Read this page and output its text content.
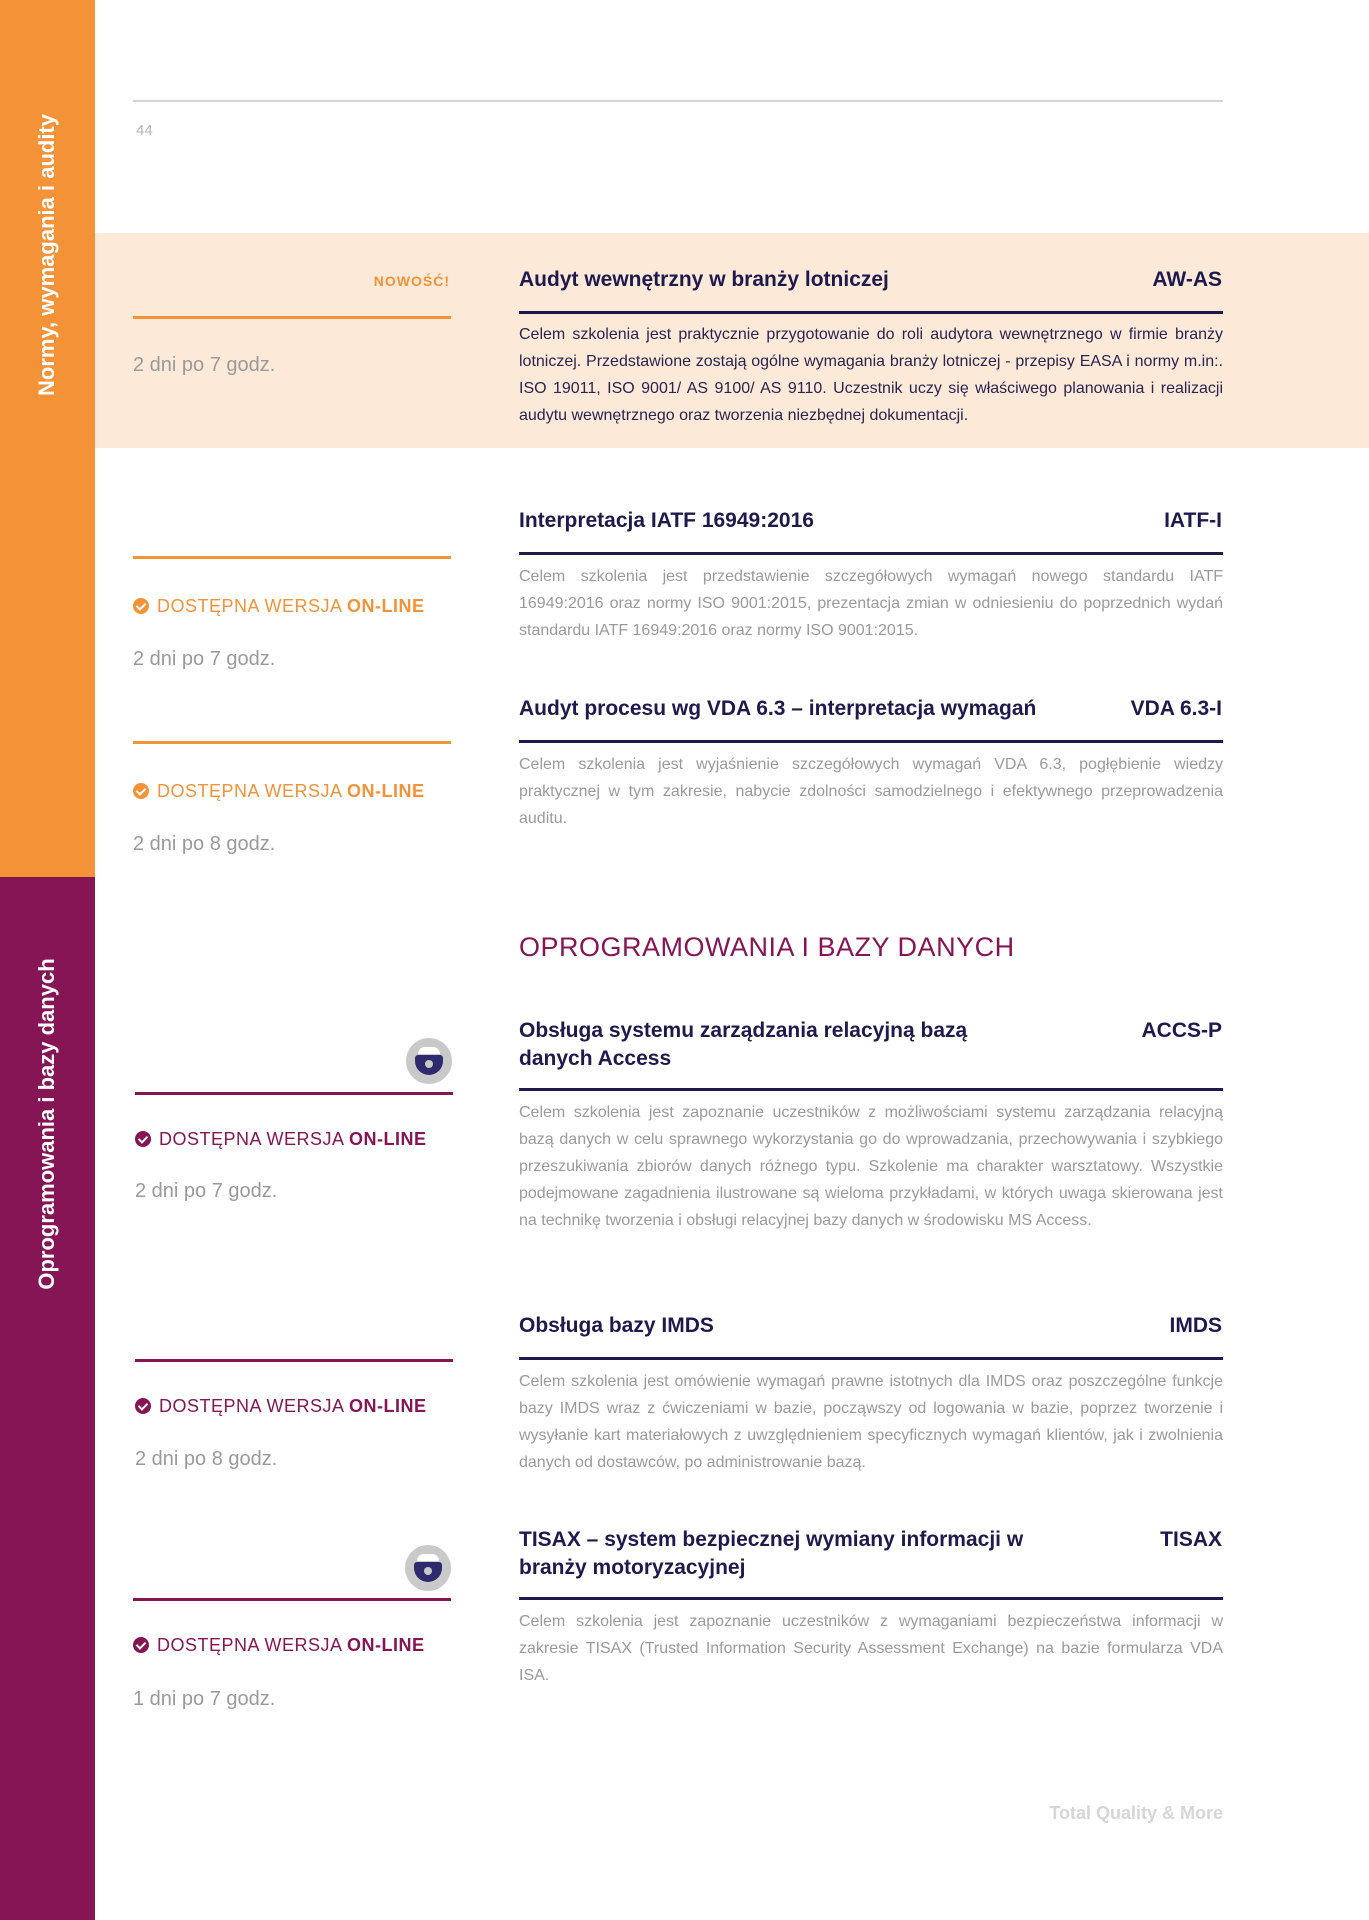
Normy, wymagania i audity
Oprogramowania i bazy danych
44
NOWOŚĆ!
2 dni po 7 godz.
Audyt wewnętrzny w branży lotniczej	AW-AS
Celem szkolenia jest praktycznie przygotowanie do roli audytora wewnętrznego w firmie branży lotniczej. Przedstawione zostają ogólne wymagania branży lotniczej - przepisy EASA i normy m.in:. ISO 19011, ISO 9001/ AS 9100/ AS 9110. Uczestnik uczy się właściwego planowania i realizacji audytu wewnętrznego oraz tworzenia niezbędnej dokumentacji.
Interpretacja IATF 16949:2016	IATF-I
Celem szkolenia jest przedstawienie szczegółowych wymagań nowego standardu IATF 16949:2016 oraz normy ISO 9001:2015, prezentacja zmian w odniesieniu do poprzednich wydań standardu IATF 16949:2016 oraz normy ISO 9001:2015.
DOSTĘPNA WERSJA ON-LINE
2 dni po 7 godz.
Audyt procesu wg VDA 6.3 – interpretacja wymagań	VDA 6.3-I
Celem szkolenia jest wyjaśnienie szczegółowych wymagań VDA 6.3, pogłębienie wiedzy praktycznej w tym zakresie, nabycie zdolności samodzielnego i efektywnego przeprowadzenia auditu.
DOSTĘPNA WERSJA ON-LINE
2 dni po 8 godz.
OPROGRAMOWANIA I BAZY DANYCH
Obsługa systemu zarządzania relacyjną bazą danych Access
ACCS-P
Celem szkolenia jest zapoznanie uczestników z możliwościami systemu zarządzania relacyjną bazą danych w celu sprawnego wykorzystania go do wprowadzania, przechowywania i szybkiego przeszukiwania zbiorów danych różnego typu. Szkolenie ma charakter warsztatowy. Wszystkie podejmowane zagadnienia ilustrowane są wieloma przykładami, w których uwaga skierowana jest na technikę tworzenia i obsługi relacyjnej bazy danych w środowisku MS Access.
DOSTĘPNA WERSJA ON-LINE
2 dni po 7 godz.
Obsługa bazy IMDS	IMDS
Celem szkolenia jest omówienie wymagań prawne istotnych dla IMDS oraz poszczególne funkcje bazy IMDS wraz z ćwiczeniami w bazie, począwszy od logowania w bazie, poprzez tworzenie i wysyłanie kart materiałowych z uwzględnieniem specyficznych wymagań klientów, jak i zwolnienia danych od dostawców, po administrowanie bazą.
DOSTĘPNA WERSJA ON-LINE
2 dni po 8 godz.
TISAX – system bezpiecznej wymiany informacji w branży motoryzacyjnej
TISAX
Celem szkolenia jest zapoznanie uczestników z wymaganiami bezpieczeństwa informacji w zakresie TISAX (Trusted Information Security Assessment Exchange) na bazie formularza VDA ISA.
DOSTĘPNA WERSJA ON-LINE
1 dni po 7 godz.
Total Quality & More
